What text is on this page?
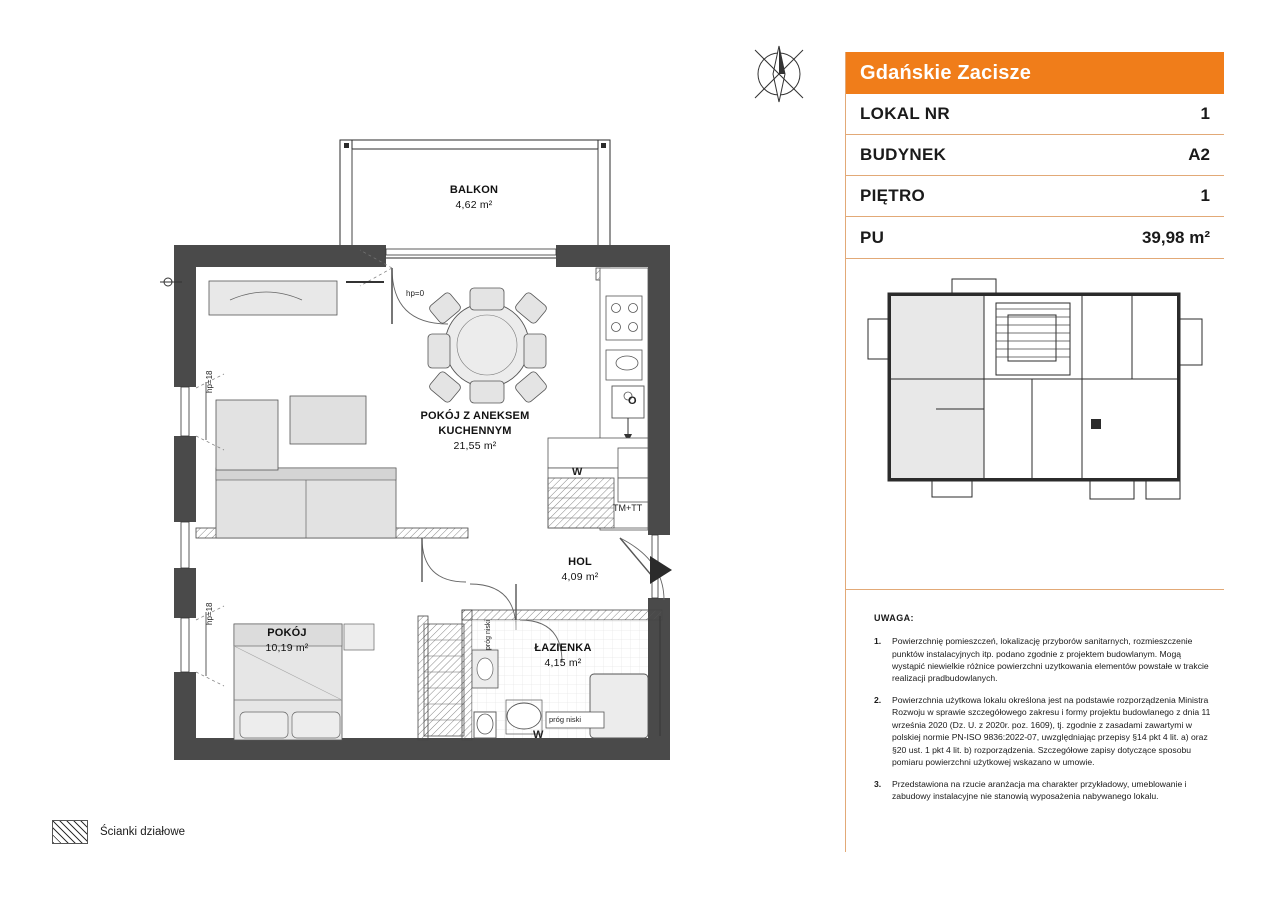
BALKON
4,62 m²
POKÓJ Z ANEKSEM
KUCHENNYM
21,55 m²
HOL
4,09 m²
POKÓJ
10,19 m²	ŁAZIENKA
4,15 m²
hp=0
hp=18
hp=18
próg niski
próg niski
W
W
O
TM+TT
Ścianki działowe
Gdańskie Zacisze
LOKAL NR	1
BUDYNEK	A2
PIĘTRO	1
PU	39,98 m²
UWAGA:
1.	Powierzchnię pomieszczeń, lokalizację przyborów sanitarnych, rozmieszczenie punktów instalacyjnych itp. podano zgodnie z projektem budowlanym. Mogą wystąpić niewielkie różnice powierzchni uzytkowania elementów powstałe w trakcie realizacji pradbudowlanych.
2.	Powierzchnia użytkowa lokalu określona jest na podstawie rozporządzenia Ministra Rozwoju w sprawie szczegółowego zakresu i formy projektu budowlanego z dnia 11 września 2020 (Dz. U. z 2020r. poz. 1609), tj. zgodnie z zasadami zawartymi w polskiej normie PN-ISO 9836:2022-07, uwzględniając przepisy §14 pkt 4 lit. a) oraz §20 ust. 1 pkt 4 lit. b) rozporządzenia. Szczegółowe zapisy dotyczące sposobu pomiaru powierzchni użytkowej wskazano w umowie.
3.	Przedstawiona na rzucie aranżacja ma charakter przykładowy, umeblowanie i zabudowy instalacyjne nie stanowią wyposażenia nabywanego lokalu.
